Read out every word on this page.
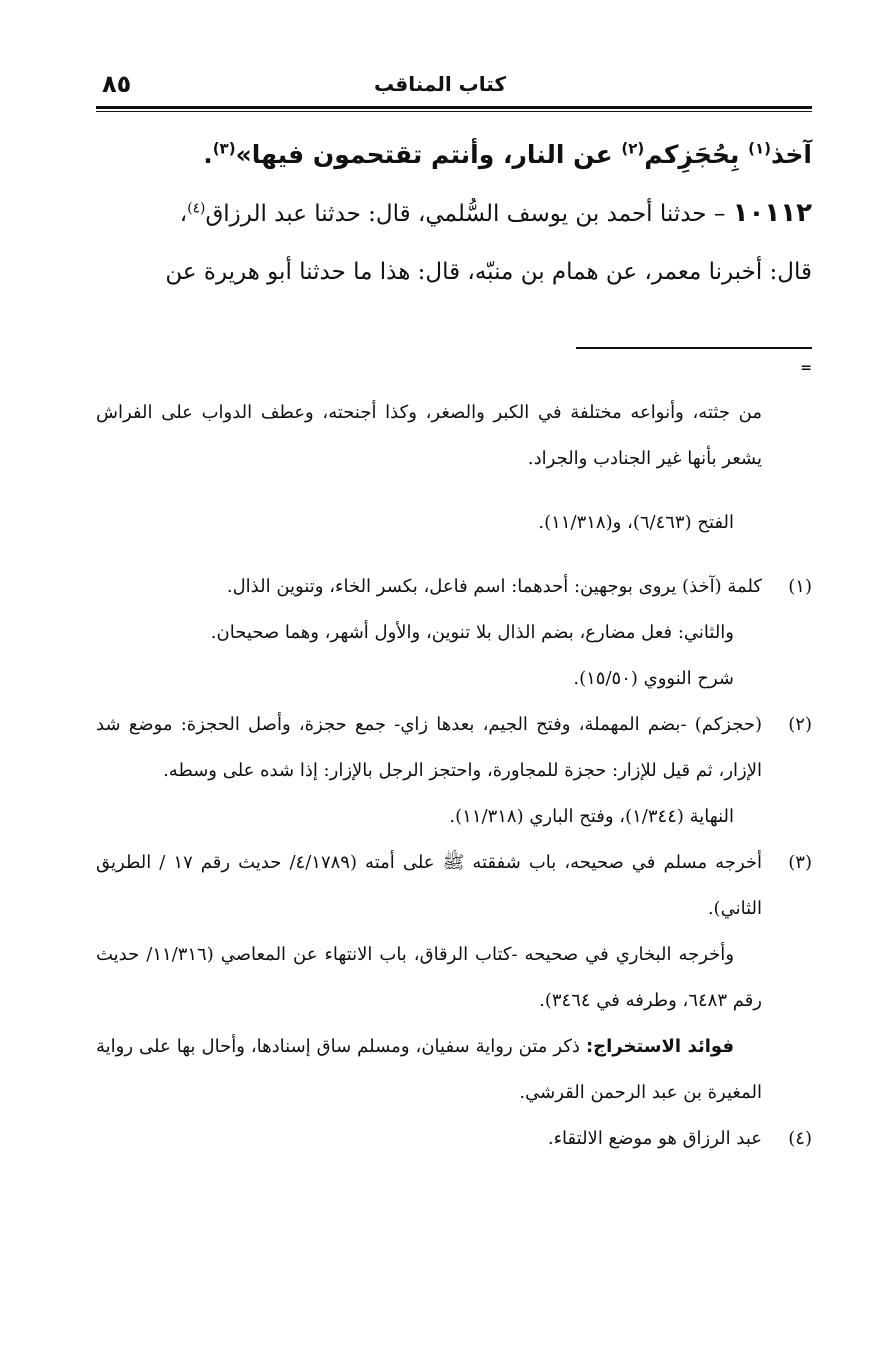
كتاب المناقب
٨٥

آخذ$^{(١)}$ بِحُجَزِكم$^{(٢)}$ عن النار، وأنتم تقتحمون فيها»$^{(٣)}$.

١٠١١٢ – حدثنا أحمد بن يوسف السُّلمي، قال: حدثنا عبد الرزاق$^{(٤)}$،

قال: أخبرنا معمر، عن همام بن منبّه، قال: هذا ما حدثنا أبو هريرة عن

=

من جثته، وأنواعه مختلفة في الكبر والصغر، وكذا أجنحته، وعطف الدواب على الفراش يشعر بأنها غير الجنادب والجراد.

الفتح (٦/٤٦٣)، و(١١/٣١٨).

(١)

كلمة (آخذ) يروى بوجهين: أحدهما: اسم فاعل، بكسر الخاء، وتنوين الذال.

والثاني: فعل مضارع، بضم الذال بلا تنوين، والأول أشهر، وهما صحيحان.

شرح النووي (١٥/٥٠).

(٢)

(حجزكم) -بضم المهملة، وفتح الجيم، بعدها زاي- جمع حجزة، وأصل الحجزة: موضع شد الإزار، ثم قيل للإزار: حجزة للمجاورة، واحتجز الرجل بالإزار: إذا شده على وسطه.

النهاية (١/٣٤٤)، وفتح الباري (١١/٣١٨).

(٣)

أخرجه مسلم في صحيحه، باب شفقته ﷺ على أمته (٤/١٧٨٩/ حديث رقم ١٧ / الطريق الثاني).

وأخرجه البخاري في صحيحه -كتاب الرقاق، باب الانتهاء عن المعاصي (١١/٣١٦/ حديث رقم ٦٤٨٣، وطرفه في ٣٤٦٤).

فوائد الاستخراج: ذكر متن رواية سفيان، ومسلم ساق إسنادها، وأحال بها على رواية المغيرة بن عبد الرحمن القرشي.

(٤)

عبد الرزاق هو موضع الالتقاء.
